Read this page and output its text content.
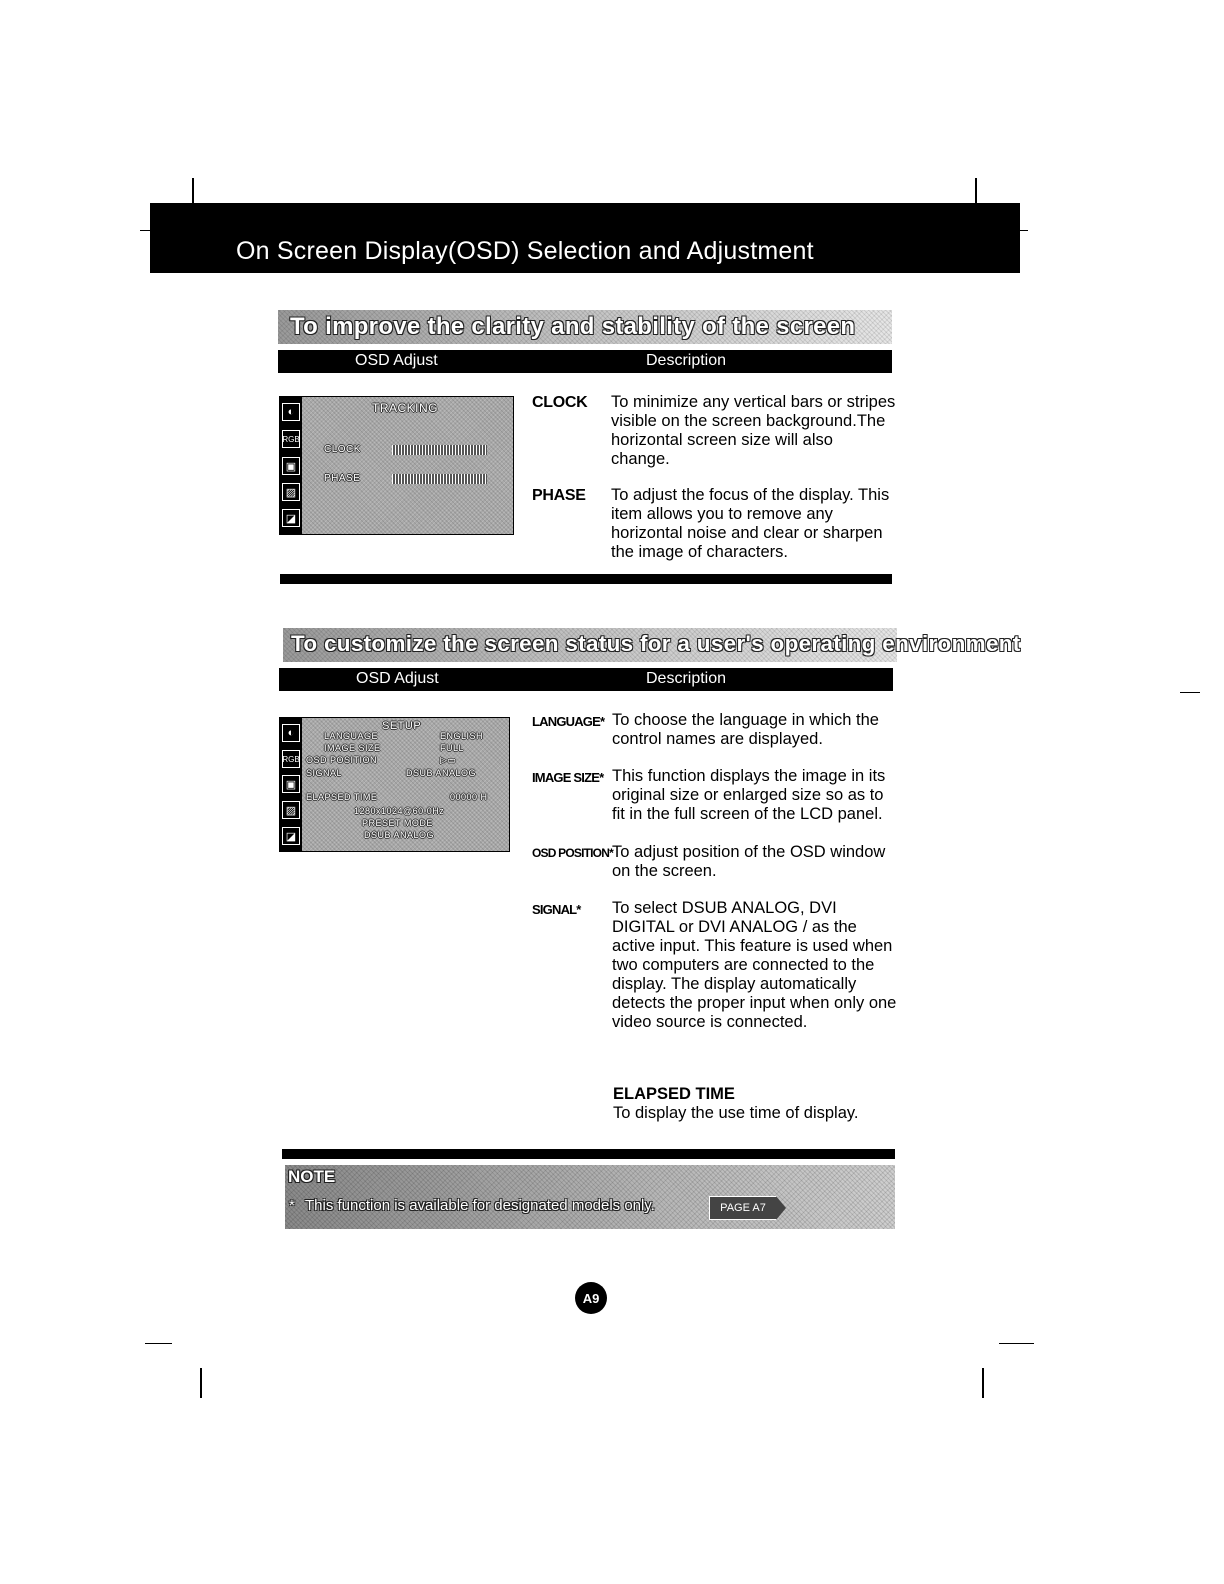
On Screen Display(OSD) Selection and Adjustment
To improve the clarity and stability of the screen
OSD Adjust	Description
◐
RGB
▣
▨
◪
TRACKING
CLOCK
PHASE
CLOCK To minimize any vertical bars or stripes visible on the screen background.The horizontal screen size will also change.
PHASE To adjust the focus of the display. This item allows you to remove any horizontal noise and clear or sharpen the image of characters.
To customize the screen status for a user's operating environment
OSD Adjust	Description
◐
RGB
▣
▨
◪
SETUP
LANGUAGE	ENGLISH
IMAGE SIZE	FULL
OSD POSITION	▷▭
SIGNAL	DSUB ANALOG
ELAPSED TIME	00000 H
1280x1024@60.0Hz
PRESET MODE
DSUB ANALOG
LANGUAGE* To choose the language in which the control names are displayed.
IMAGE SIZE* This function displays the image in its original size or enlarged size so as to fit in the full screen of the LCD panel.
OSD POSITION* To adjust position of the OSD window on the screen.
SIGNAL* To select DSUB ANALOG, DVI DIGITAL or DVI ANALOG / as the active input. This feature is used when two computers are connected to the display. The display automatically detects the proper input when only one video source is connected.
ELAPSED TIME
To display the use time of display.
NOTE
* This function is available for designated models only.	PAGE A7
A9
